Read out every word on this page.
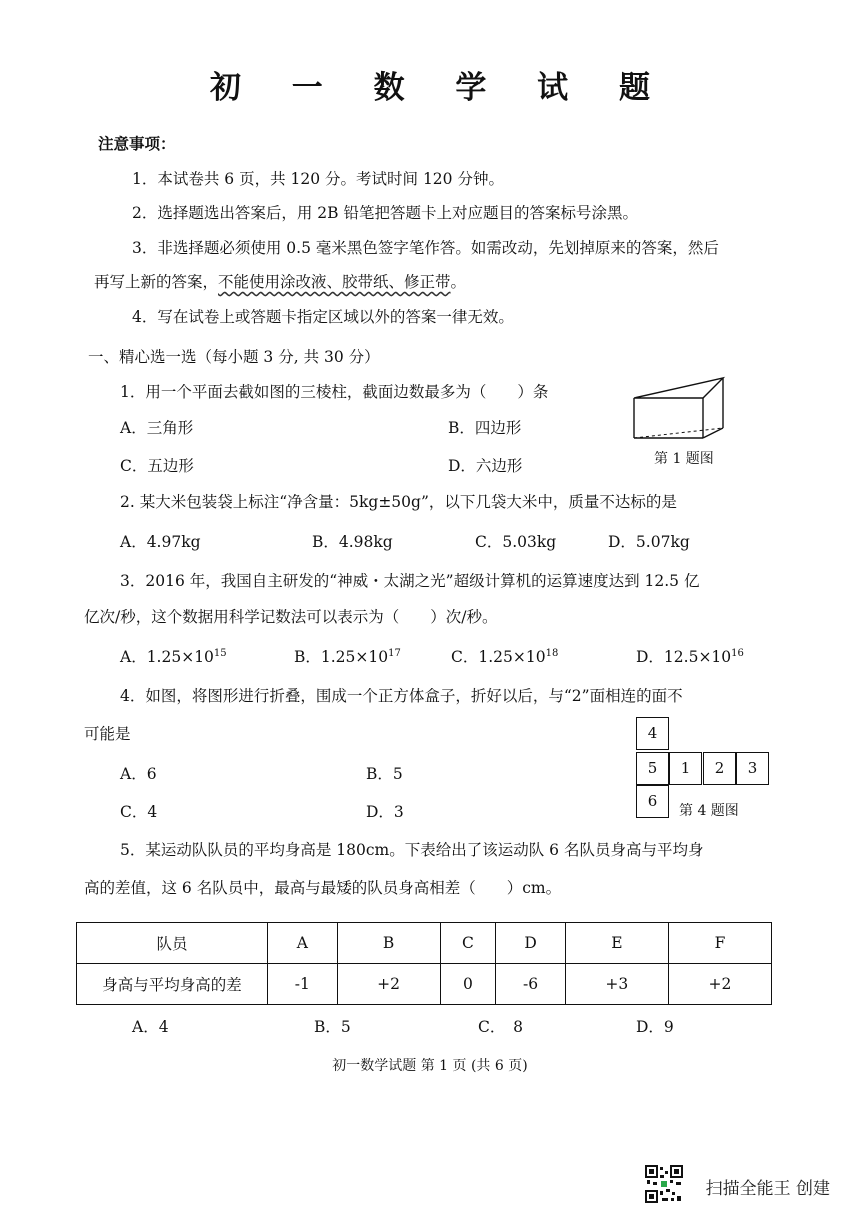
初 一 数 学 试 题
注意事项：
1．本试卷共 6 页，共 120 分。考试时间 120 分钟。
2．选择题选出答案后，用 2B 铅笔把答题卡上对应题目的答案标号涂黑。
3．非选择题必须使用 0.5 毫米黑色签字笔作答。如需改动，先划掉原来的答案，然后
再写上新的答案，不能使用涂改液、胶带纸、修正带。
4．写在试卷上或答题卡指定区域以外的答案一律无效。
一、精心选一选（每小题 3 分, 共 30 分）
1．用一个平面去截如图的三棱柱，截面边数最多为（　　）条
A．三角形	B．四边形
C．五边形	D．六边形	第 1 题图
2. 某大米包装袋上标注“净含量：5kg±50g”，以下几袋大米中，质量不达标的是
A．4.97kg	B．4.98kg	C．5.03kg	D．5.07kg
3．2016 年，我国自主研发的“神威・太湖之光”超级计算机的运算速度达到 12.5 亿
亿次/秒，这个数据用科学记数法可以表示为（　　）次/秒。
A．$1.25\times 10^{15}$	B．$1.25\times 10^{17}$	C．$1.25\times 10^{18}$	D．$12.5\times 10^{16}$
4．如图，将图形进行折叠，围成一个正方体盒子，折好以后，与“2”面相连的面不
可能是
A．6	B．5
C．4	D．3
4
5	1	2	3
6
第 4 题图
5．某运动队队员的平均身高是 180cm。下表给出了该运动队 6 名队员身高与平均身
高的差值，这 6 名队员中，最高与最矮的队员身高相差（　　）cm。
队员	A	B	C	D	E	F
身高与平均身高的差	-1	+2	0	-6	+3	+2
A．4	B．5	C．　8	D．9
初一数学试题 第 1 页 (共 6 页)
扫描全能王 创建
